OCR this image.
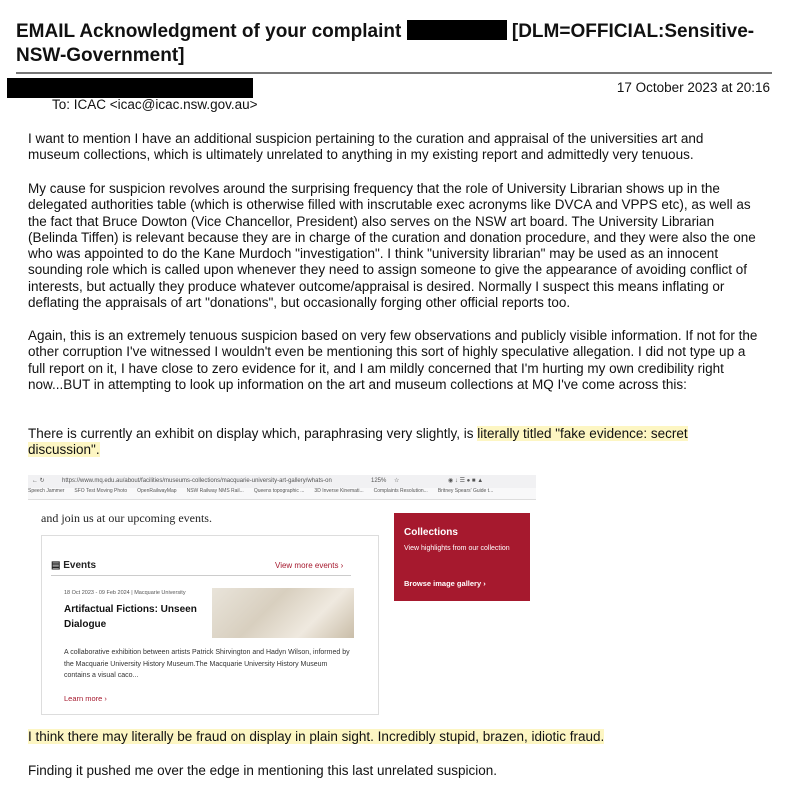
EMAIL Acknowledgment of your complaint	[DLM=OFFICIAL:Sensitive-NSW-Government]
17 October 2023 at 20:16
To: ICAC <icac@icac.nsw.gov.au>

I want to mention I have an additional suspicion pertaining to the curation and appraisal of the universities art and museum collections, which is ultimately unrelated to anything in my existing report and admittedly very tenuous.

My cause for suspicion revolves around the surprising frequency that the role of University Librarian shows up in the delegated authorities table (which is otherwise filled with inscrutable exec acronyms like DVCA and VPPS etc), as well as the fact that Bruce Dowton (Vice Chancellor, President) also serves on the NSW art board. The University Librarian (Belinda Tiffen) is relevant because they are in charge of the curation and donation procedure, and they were also the one who was appointed to do the Kane Murdoch "investigation". I think "university librarian" may be used as an innocent sounding role which is called upon whenever they need to assign someone to give the appearance of avoiding conflict of interests, but actually they produce whatever outcome/appraisal is desired. Normally I suspect this means inflating or deflating the appraisals of art "donations", but occasionally forging other official reports too.

Again, this is an extremely tenuous suspicion based on very few observations and publicly visible information. If not for the other corruption I've witnessed I wouldn't even be mentioning this sort of highly speculative allegation. I did not type up a full report on it, I have close to zero evidence for it, and I am mildly concerned that I'm hurting my own credibility right now...BUT in attempting to look up information on the art and museum collections at MQ I've come across this:

There is currently an exhibit on display which, paraphrasing very slightly, is literally titled "fake evidence: secret discussion".

← ↻	https://www.mq.edu.au/about/facilities/museums-collections/macquarie-university-art-gallery/whats-on	125% ☆	◉ ↓ ☰ ● ■ ▲
Speech Jammer SFO Test Moving Photo OpenRailwayMap NSW Railway NMS Rail... Queens topographic ... 3D Inverse Kinemati... Complaints Resolution... Britney Spears' Guide t...
and join us at our upcoming events.
▤ Events	View more events ›
18 Oct 2023 - 09 Feb 2024 | Macquarie University
Artifactual Fictions: Unseen Dialogue
A collaborative exhibition between artists Patrick Shirvington and Hadyn Wilson, informed by the Macquarie University History Museum.The Macquarie University History Museum contains a visual caco...
Learn more ›
Collections
View highlights from our collection
Browse image gallery ›

I think there may literally be fraud on display in plain sight. Incredibly stupid, brazen, idiotic fraud.

Finding it pushed me over the edge in mentioning this last unrelated suspicion.
